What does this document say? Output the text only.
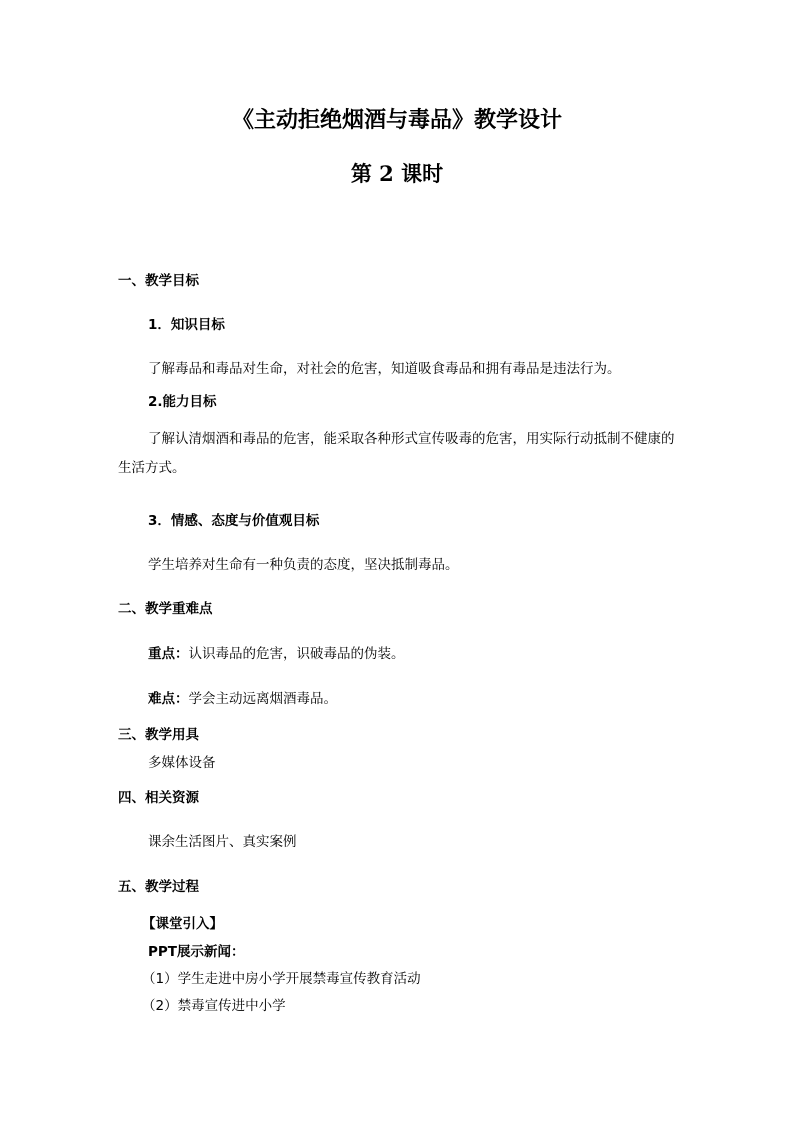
《主动拒绝烟酒与毒品》教学设计
第 2 课时
一、教学目标
1．知识目标
了解毒品和毒品对生命，对社会的危害，知道吸食毒品和拥有毒品是违法行为。
2.能力目标

了解认清烟酒和毒品的危害，能采取各种形式宣传吸毒的危害，用实际行动抵制不健康的生活方式。

3．情感、态度与价值观目标
学生培养对生命有一种负责的态度，坚决抵制毒品。
二、教学重难点
重点：认识毒品的危害，识破毒品的伪装。
难点：学会主动远离烟酒毒品。
三、教学用具
多媒体设备
四、相关资源
课余生活图片、真实案例
五、教学过程
【课堂引入】
PPT展示新闻：
（1）学生走进中房小学开展禁毒宣传教育活动
（2）禁毒宣传进中小学
